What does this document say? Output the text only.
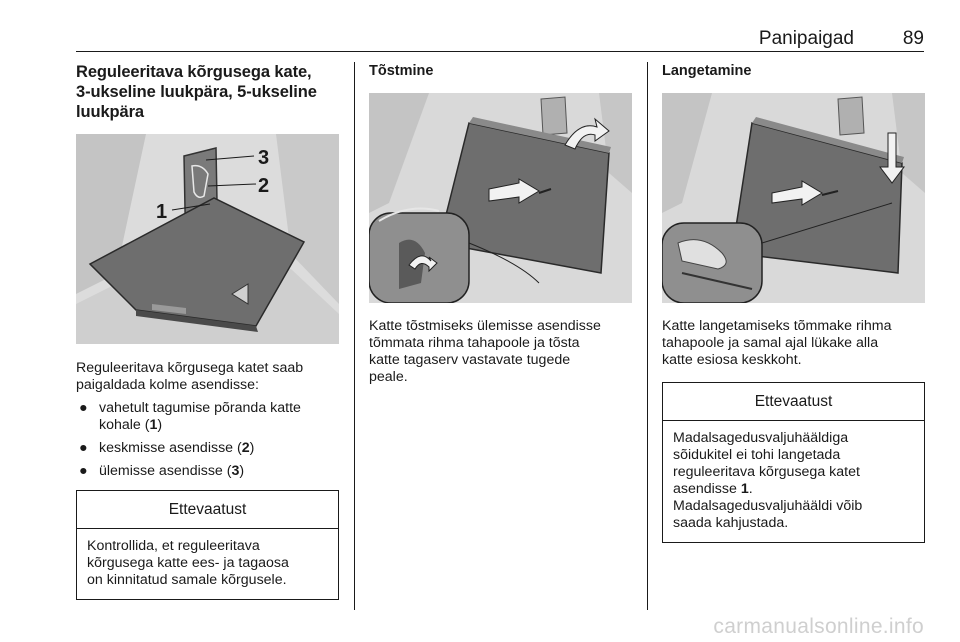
Panipaigad	89
Reguleeritava kõrgusega kate,
3-ukseline luukpära, 5-ukseline
luukpära
1
2
3

Reguleeritava kõrgusega katet saab
paigaldada kolme asendisse:

● vahetult tagumise põranda katte
kohale (1)
● keskmisse asendisse (2)
● ülemisse asendisse (3)
Ettevaatust
Kontrollida, et reguleeritava
kõrgusega katte ees- ja tagaosa
on kinnitatud samale kõrgusele.
Tõstmine

Katte tõstmiseks ülemisse asendisse
tõmmata rihma tahapoole ja tõsta
katte tagaserv vastavate tugede
peale.

Langetamine

Katte langetamiseks tõmmake rihma
tahapoole ja samal ajal lükake alla
katte esiosa keskkoht.

Ettevaatust
Madalsagedusvaljuhääldiga
sõidukitel ei tohi langetada
reguleeritava kõrgusega katet
asendisse 1.
Madalsagedusvaljuhääldi võib
saada kahjustada.
carmanualsonline.info
